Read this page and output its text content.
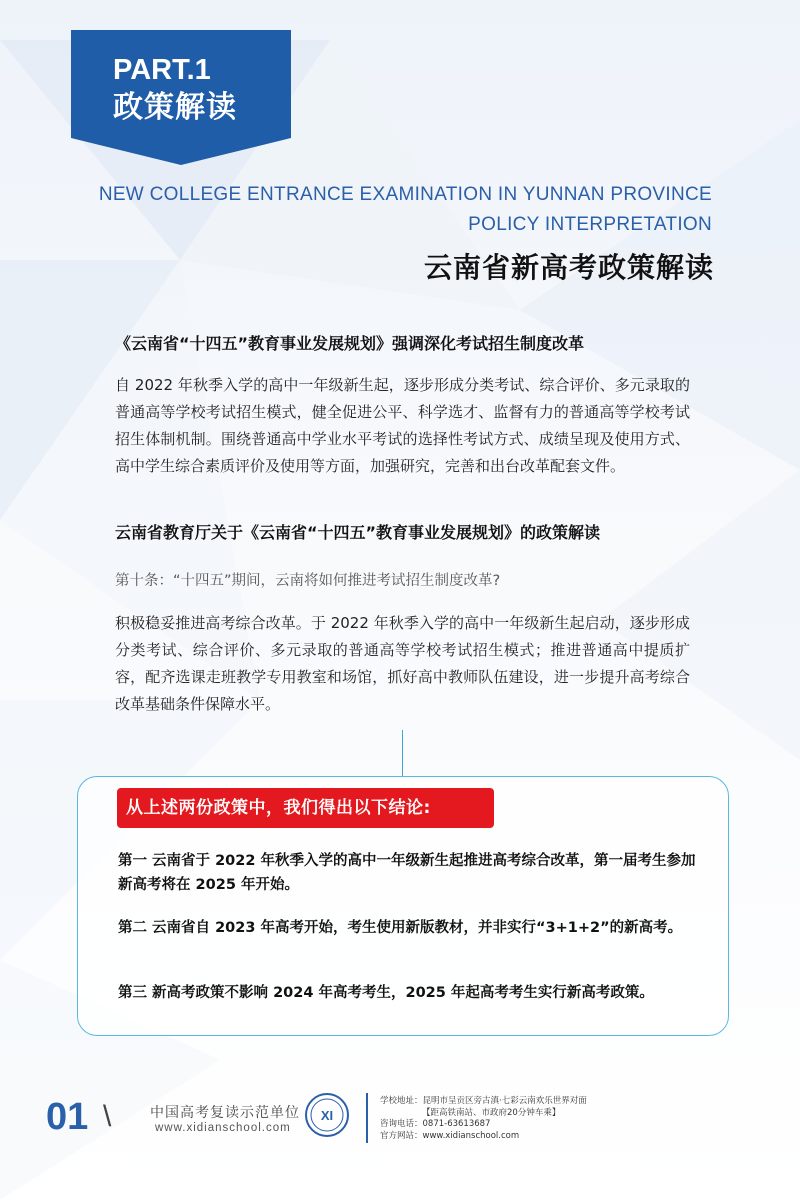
PART.1
政策解读
NEW COLLEGE ENTRANCE EXAMINATION IN YUNNAN PROVINCE
POLICY INTERPRETATION
云南省新高考政策解读
《云南省“十四五”教育事业发展规划》强调深化考试招生制度改革
自 2022 年秋季入学的高中一年级新生起，逐步形成分类考试、综合评价、多元录取的普通高等学校考试招生模式，健全促进公平、科学选才、监督有力的普通高等学校考试招生体制机制。围绕普通高中学业水平考试的选择性考试方式、成绩呈现及使用方式、高中学生综合素质评价及使用等方面，加强研究，完善和出台改革配套文件。
云南省教育厅关于《云南省“十四五”教育事业发展规划》的政策解读
第十条：“十四五”期间，云南将如何推进考试招生制度改革?
积极稳妥推进高考综合改革。于 2022 年秋季入学的高中一年级新生起启动，逐步形成分类考试、综合评价、多元录取的普通高等学校考试招生模式；推进普通高中提质扩容，配齐选课走班教学专用教室和场馆，抓好高中教师队伍建设，进一步提升高考综合改革基础条件保障水平。
从上述两份政策中，我们得出以下结论:
第一 云南省于 2022 年秋季入学的高中一年级新生起推进高考综合改革，第一届考生参加新高考将在 2025 年开始。
第二 云南省自 2023 年高考开始，考生使用新版教材，并非实行“3+1+2”的新高考。
第三 新高考政策不影响 2024 年高考考生，2025 年起高考考生实行新高考政策。
01 \	中国高考复读示范单位
www.xidianschool.com
XI
学校地址：昆明市呈贡区旁古滇·七彩云南欢乐世界对面
【距高铁南站、市政府20分钟车乘】
咨询电话：0871-63613687
官方网站：www.xidianschool.com
